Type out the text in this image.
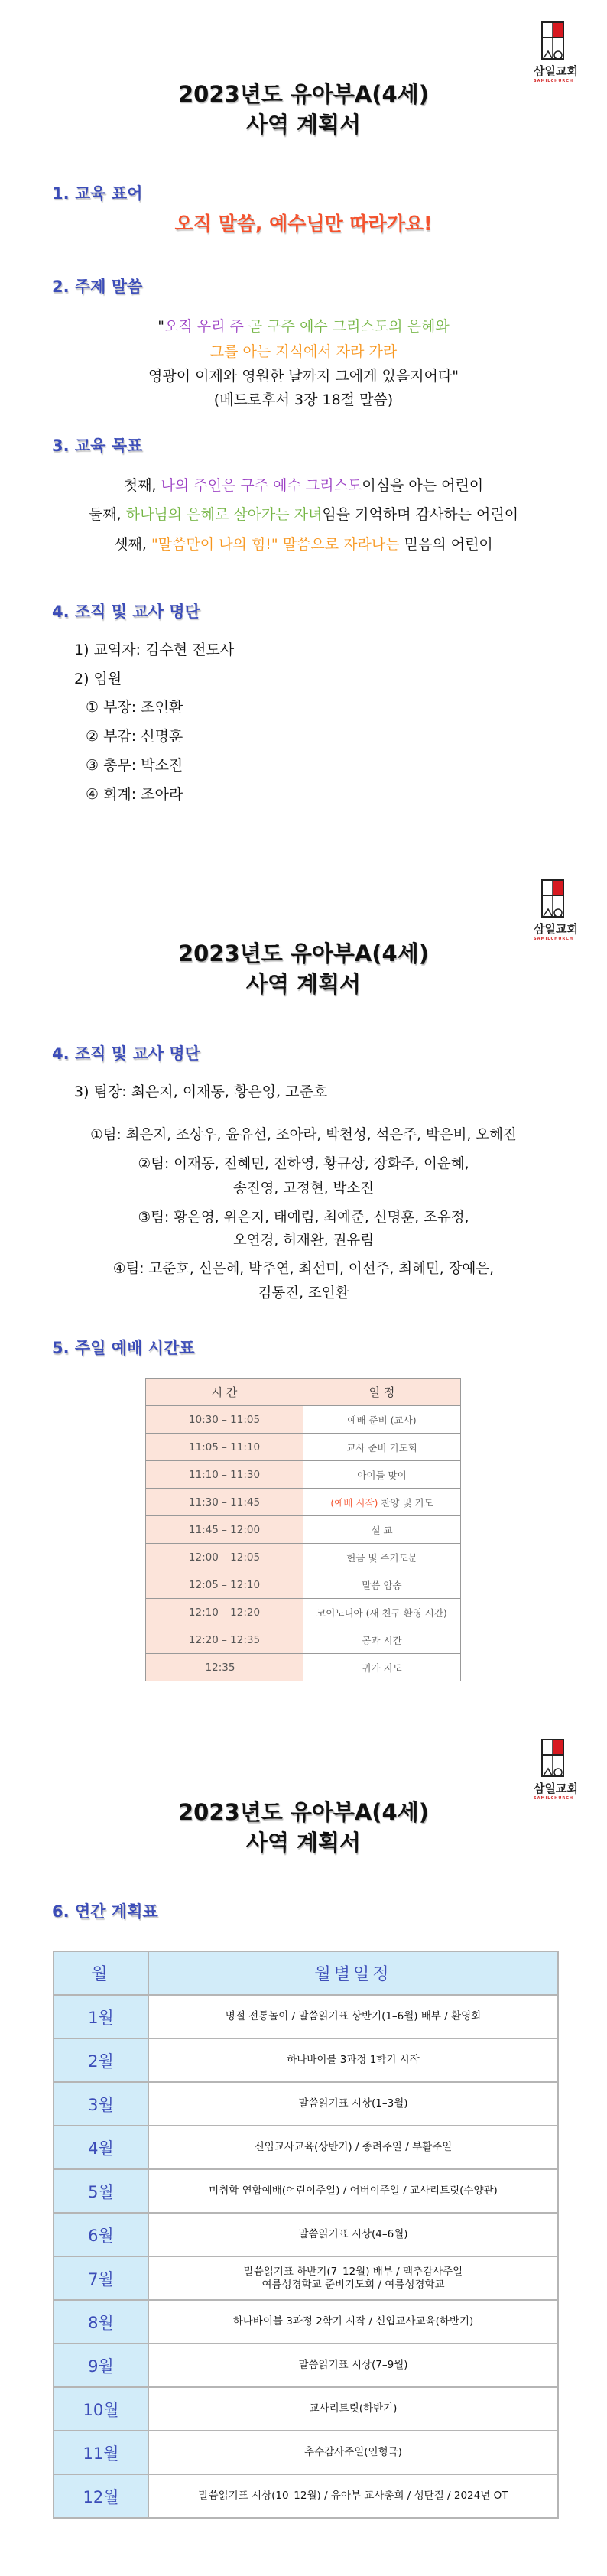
삼일교회
SAMILCHURCH
2023년도 유아부A(4세)
사역 계획서
삼일교회
SAMILCHURCH
2023년도 유아부A(4세)
사역 계획서
삼일교회
SAMILCHURCH
2023년도 유아부A(4세)
사역 계획서
1. 교육 표어
오직 말씀, 예수님만 따라가요!
2. 주제 말씀
"오직 우리 주 곧 구주 예수 그리스도의 은혜와
그를 아는 지식에서 자라 가라
영광이 이제와 영원한 날까지 그에게 있을지어다"
(베드로후서 3장 18절 말씀)
3. 교육 목표
첫째, 나의 주인은 구주 예수 그리스도이심을 아는 어린이
둘째, 하나님의 은혜로 살아가는 자녀임을 기억하며 감사하는 어린이
셋째, "말씀만이 나의 힘!" 말씀으로 자라나는 믿음의 어린이
4. 조직 및 교사 명단
1) 교역자: 김수현 전도사
2) 임원
① 부장: 조인환
② 부감: 신명훈
③ 총무: 박소진
④ 회계: 조아라
4. 조직 및 교사 명단
3) 팀장: 최은지, 이재동, 황은영, 고준호
①팀: 최은지, 조상우, 윤유선, 조아라, 박천성, 석은주, 박은비, 오혜진
②팀: 이재동, 전혜민, 전하영, 황규상, 장화주, 이윤혜,
송진영, 고정현, 박소진
③팀: 황은영, 위은지, 태예림, 최예준, 신명훈, 조유정,
오연경, 허재완, 권유림
④팀: 고준호, 신은혜, 박주연, 최선미, 이선주, 최혜민, 장예은,
김동진, 조인환
5. 주일 예배 시간표
시 간	일 정
10:30 – 11:05	예배 준비 (교사)
11:05 – 11:10	교사 준비 기도회
11:10 – 11:30	아이들 맞이
11:30 – 11:45	(예배 시작) 찬양 및 기도
11:45 – 12:00	설 교
12:00 – 12:05	헌금 및 주기도문
12:05 – 12:10	말씀 암송
12:10 – 12:20	코이노니아 (새 친구 환영 시간)
12:20 – 12:35	공과 시간
12:35 –	귀가 지도
6. 연간 계획표
월	월별일정
1월	명절 전통놀이 / 말씀읽기표 상반기(1–6월) 배부 / 환영회

2월	하나바이블 3과정 1학기 시작

3월	말씀읽기표 시상(1–3월)

4월	신입교사교육(상반기) / 종려주일 / 부활주일

5월	미취학 연합예배(어린이주일) / 어버이주일 / 교사리트릿(수양관)

6월	말씀읽기표 시상(4–6월)

7월	말씀읽기표 하반기(7–12월) 배부 / 맥추감사주일
여름성경학교 준비기도회 / 여름성경학교

8월	하나바이블 3과정 2학기 시작 / 신입교사교육(하반기)

9월	말씀읽기표 시상(7–9월)

10월	교사리트릿(하반기)

11월	추수감사주일(인형극)

12월	말씀읽기표 시상(10–12월) / 유아부 교사총회 / 성탄절 / 2024년 OT
